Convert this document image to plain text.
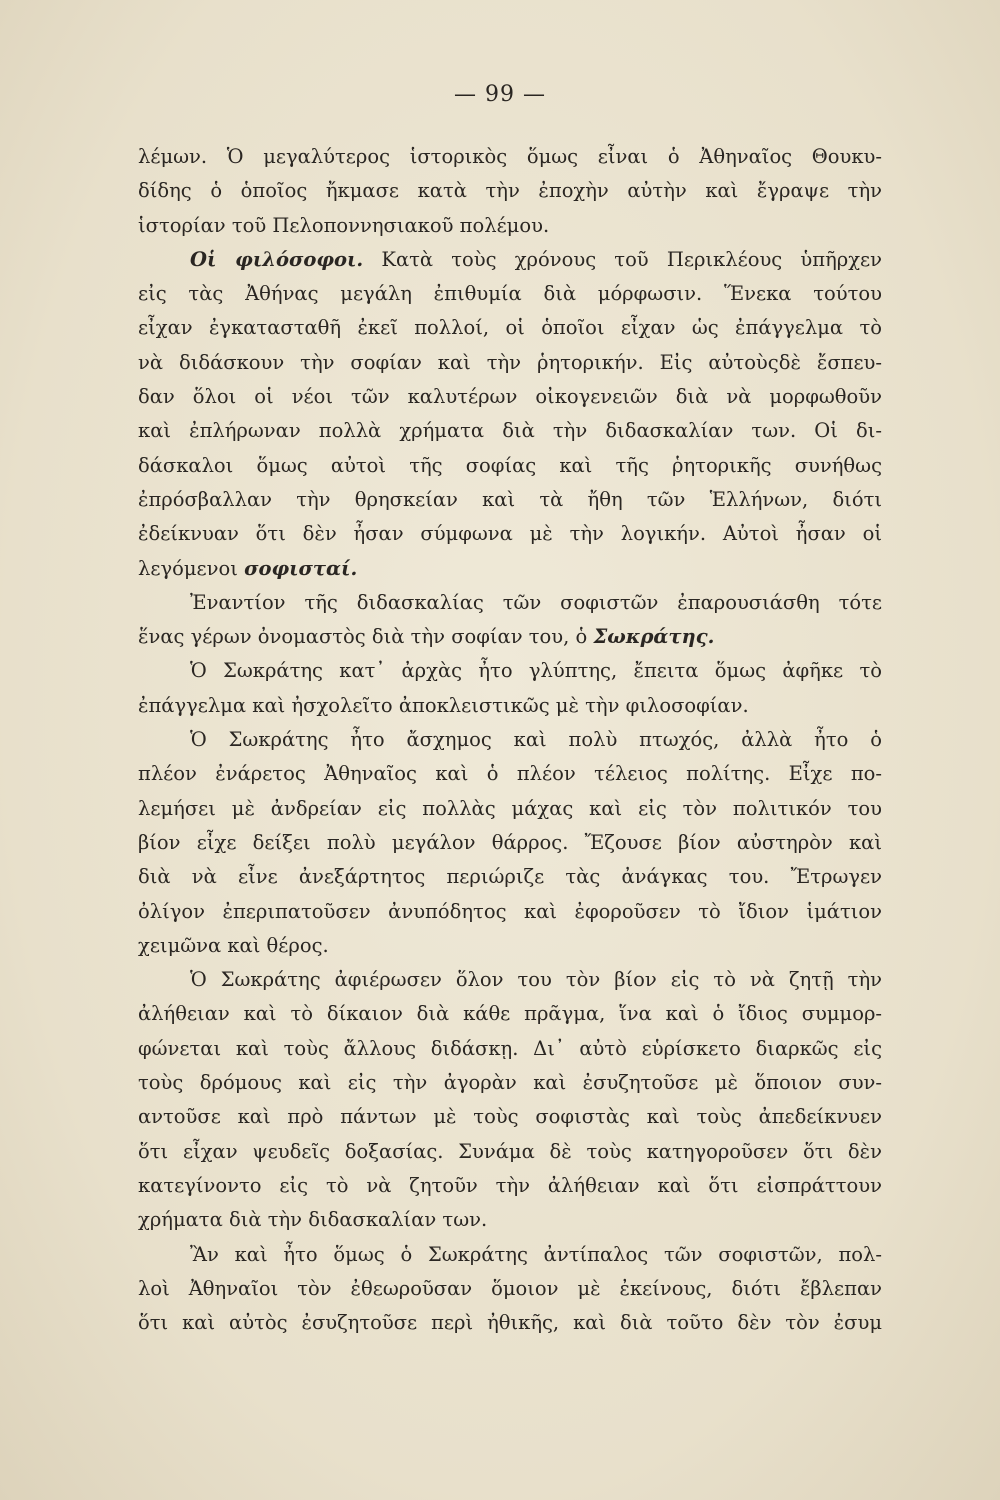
— 99 —
λέμων. Ὁ μεγαλύτερος ἱστορικὸς ὅμως εἶναι ὁ Ἀθηναῖος Θουκυ-
δίδης ὁ ὁποῖος ἤκμασε κατὰ τὴν ἐποχὴν αὐτὴν καὶ ἔγραψε τὴν
ἱστορίαν τοῦ Πελοποννησιακοῦ πολέμου.
Οἱ φιλόσοφοι. Κατὰ τοὺς χρόνους τοῦ Περικλέους ὑπῆρχεν
εἰς τὰς Ἀθήνας μεγάλη ἐπιθυμία διὰ μόρφωσιν. Ἕνεκα τούτου
εἶχαν ἐγκατασταθῆ ἐκεῖ πολλοί, οἱ ὁποῖοι εἶχαν ὡς ἐπάγγελμα τὸ
νὰ διδάσκουν τὴν σοφίαν καὶ τὴν ῥητορικήν. Εἰς αὐτοὺςδὲ ἔσπευ-
δαν ὅλοι οἱ νέοι τῶν καλυτέρων οἰκογενειῶν διὰ νὰ μορφωθοῦν
καὶ ἐπλήρωναν πολλὰ χρήματα διὰ τὴν διδασκαλίαν των. Οἱ δι-
δάσκαλοι ὅμως αὐτοὶ τῆς σοφίας καὶ τῆς ῥητορικῆς συνήθως
ἐπρόσβαλλαν τὴν θρησκείαν καὶ τὰ ἤθη τῶν Ἑλλήνων, διότι
ἐδείκνυαν ὅτι δὲν ἦσαν σύμφωνα μὲ τὴν λογικήν. Αὐτοὶ ἦσαν οἱ
λεγόμενοι σοφισταί.
Ἐναντίον τῆς διδασκαλίας τῶν σοφιστῶν ἐπαρουσιάσθη τότε
ἕνας γέρων ὀνομαστὸς διὰ τὴν σοφίαν του, ὁ Σωκράτης.
Ὁ Σωκράτης κατ᾽ ἀρχὰς ἦτο γλύπτης, ἔπειτα ὅμως ἀφῆκε τὸ
ἐπάγγελμα καὶ ἠσχολεῖτο ἀποκλειστικῶς μὲ τὴν φιλοσοφίαν.
Ὁ Σωκράτης ἦτο ἄσχημος καὶ πολὺ πτωχός, ἀλλὰ ἦτο ὁ
πλέον ἐνάρετος Ἀθηναῖος καὶ ὁ πλέον τέλειος πολίτης. Εἶχε πο-
λεμήσει μὲ ἀνδρείαν εἰς πολλὰς μάχας καὶ εἰς τὸν πολιτικόν του
βίον εἶχε δείξει πολὺ μεγάλον θάρρος. Ἔζουσε βίον αὐστηρὸν καὶ
διὰ νὰ εἶνε ἀνεξάρτητος περιώριζε τὰς ἀνάγκας του. Ἔτρωγεν
ὀλίγον ἐπεριπατοῦσεν ἀνυπόδητος καὶ ἐφοροῦσεν τὸ ἴδιον ἱμάτιον
χειμῶνα καὶ θέρος.
Ὁ Σωκράτης ἀφιέρωσεν ὅλον του τὸν βίον εἰς τὸ νὰ ζητῇ τὴν
ἀλήθειαν καὶ τὸ δίκαιον διὰ κάθε πρᾶγμα, ἵνα καὶ ὁ ἴδιος συμμορ-
φώνεται καὶ τοὺς ἄλλους διδάσκῃ. Δι᾽ αὐτὸ εὑρίσκετο διαρκῶς εἰς
τοὺς δρόμους καὶ εἰς τὴν ἀγορὰν καὶ ἐσυζητοῦσε μὲ ὅποιον συν-
αντοῦσε καὶ πρὸ πάντων μὲ τοὺς σοφιστὰς καὶ τοὺς ἀπεδείκνυεν
ὅτι εἶχαν ψευδεῖς δοξασίας. Συνάμα δὲ τοὺς κατηγοροῦσεν ὅτι δὲν
κατεγίνοντο εἰς τὸ νὰ ζητοῦν τὴν ἀλήθειαν καὶ ὅτι εἰσπράττουν
χρήματα διὰ τὴν διδασκαλίαν των.
Ἂν καὶ ἦτο ὅμως ὁ Σωκράτης ἀντίπαλος τῶν σοφιστῶν, πολ-
λοὶ Ἀθηναῖοι τὸν ἐθεωροῦσαν ὅμοιον μὲ ἐκείνους, διότι ἔβλεπαν
ὅτι καὶ αὐτὸς ἐσυζητοῦσε περὶ ἠθικῆς, καὶ διὰ τοῦτο δὲν τὸν ἐσυμ
